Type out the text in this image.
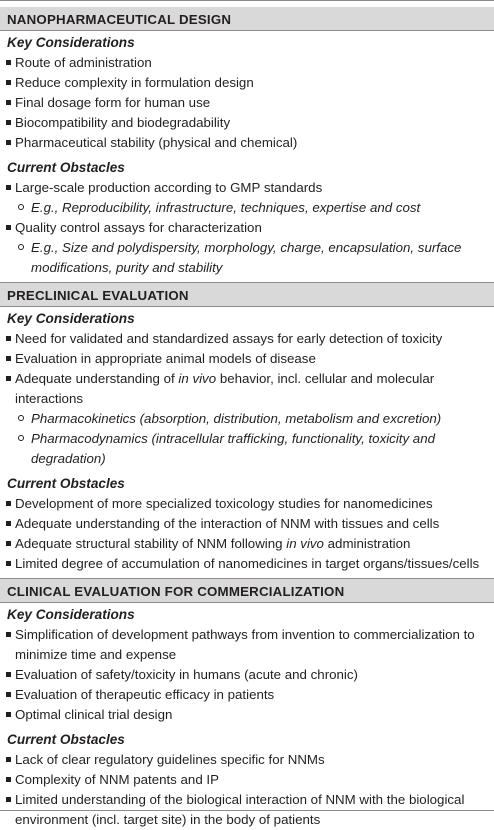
NANOPHARMACEUTICAL DESIGN
Key Considerations
Route of administration
Reduce complexity in formulation design
Final dosage form for human use
Biocompatibility and biodegradability
Pharmaceutical stability (physical and chemical)
Current Obstacles
Large-scale production according to GMP standards
E.g., Reproducibility, infrastructure, techniques, expertise and cost
Quality control assays for characterization
E.g., Size and polydispersity, morphology, charge, encapsulation, surface modifications, purity and stability
PRECLINICAL EVALUATION
Key Considerations
Need for validated and standardized assays for early detection of toxicity
Evaluation in appropriate animal models of disease
Adequate understanding of in vivo behavior, incl. cellular and molecular interactions
Pharmacokinetics (absorption, distribution, metabolism and excretion)
Pharmacodynamics (intracellular trafficking, functionality, toxicity and degradation)
Current Obstacles
Development of more specialized toxicology studies for nanomedicines
Adequate understanding of the interaction of NNM with tissues and cells
Adequate structural stability of NNM following in vivo administration
Limited degree of accumulation of nanomedicines in target organs/tissues/cells
CLINICAL EVALUATION FOR COMMERCIALIZATION
Key Considerations
Simplification of development pathways from invention to commercialization to minimize time and expense
Evaluation of safety/toxicity in humans (acute and chronic)
Evaluation of therapeutic efficacy in patients
Optimal clinical trial design
Current Obstacles
Lack of clear regulatory guidelines specific for NNMs
Complexity of NNM patents and IP
Limited understanding of the biological interaction of NNM with the biological environment (incl. target site) in the body of patients
